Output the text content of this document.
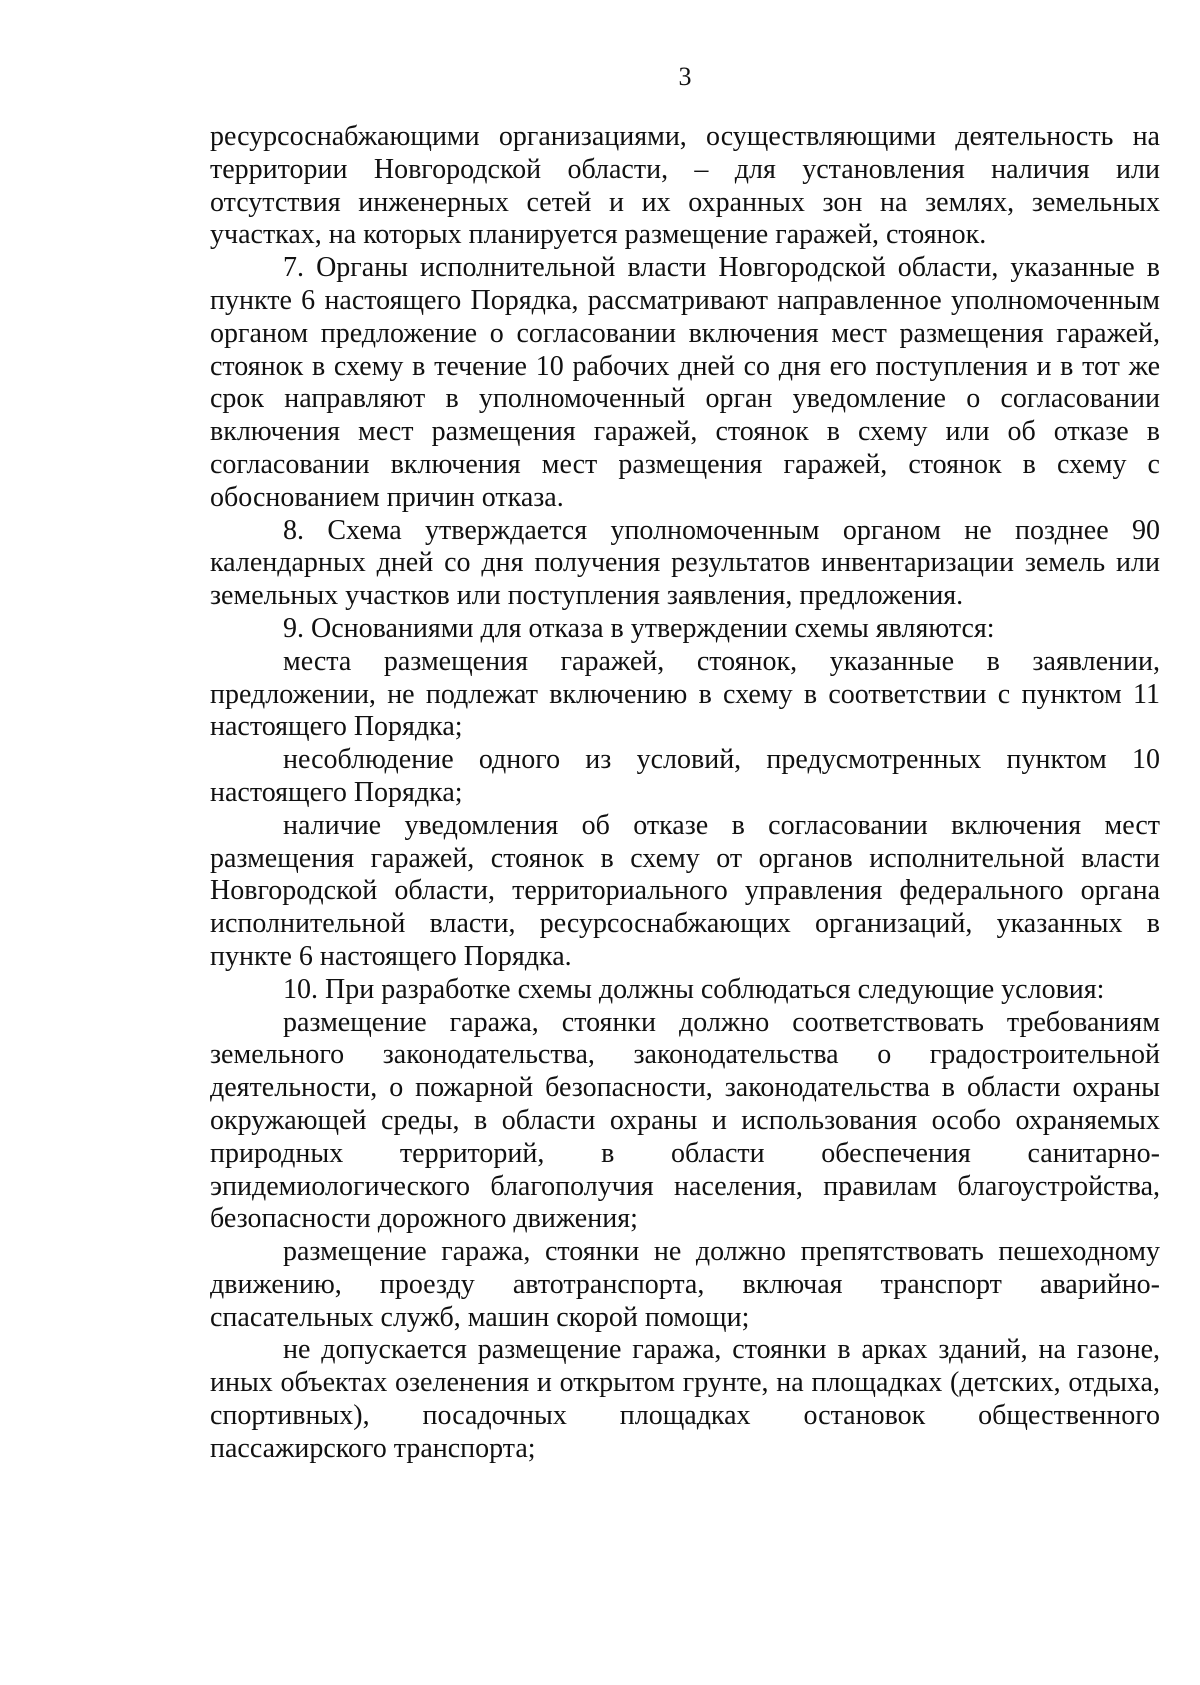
3

ресурсоснабжающими организациями, осуществляющими деятельность на территории Новгородской области, – для установления наличия или отсутствия инженерных сетей и их охранных зон на землях, земельных участках, на которых планируется размещение гаражей, стоянок.

7. Органы исполнительной власти Новгородской области, указанные в пункте 6 настоящего Порядка, рассматривают направленное уполномоченным органом предложение о согласовании включения мест размещения гаражей, стоянок в схему в течение 10 рабочих дней со дня его поступления и в тот же срок направляют в уполномоченный орган уведомление о согласовании включения мест размещения гаражей, стоянок в схему или об отказе в согласовании включения мест размещения гаражей, стоянок в схему с обоснованием причин отказа.

8. Схема утверждается уполномоченным органом не позднее 90 календарных дней со дня получения результатов инвентаризации земель или земельных участков или поступления заявления, предложения.

9. Основаниями для отказа в утверждении схемы являются:

места размещения гаражей, стоянок, указанные в заявлении, предложении, не подлежат включению в схему в соответствии с пунктом 11 настоящего Порядка;

несоблюдение одного из условий, предусмотренных пунктом 10 настоящего Порядка;

наличие уведомления об отказе в согласовании включения мест размещения гаражей, стоянок в схему от органов исполнительной власти Новгородской области, территориального управления федерального органа исполнительной власти, ресурсоснабжающих организаций, указанных в пункте 6 настоящего Порядка.

10. При разработке схемы должны соблюдаться следующие условия:

размещение гаража, стоянки должно соответствовать требованиям земельного законодательства, законодательства о градостроительной деятельности, о пожарной безопасности, законодательства в области охраны окружающей среды, в области охраны и использования особо охраняемых природных территорий, в области обеспечения санитарно-эпидемиологического благополучия населения, правилам благоустройства, безопасности дорожного движения;

размещение гаража, стоянки не должно препятствовать пешеходному движению, проезду автотранспорта, включая транспорт аварийно-спасательных служб, машин скорой помощи;

не допускается размещение гаража, стоянки в арках зданий, на газоне, иных объектах озеленения и открытом грунте, на площадках (детских, отдыха, спортивных), посадочных площадках остановок общественного пассажирского транспорта;
